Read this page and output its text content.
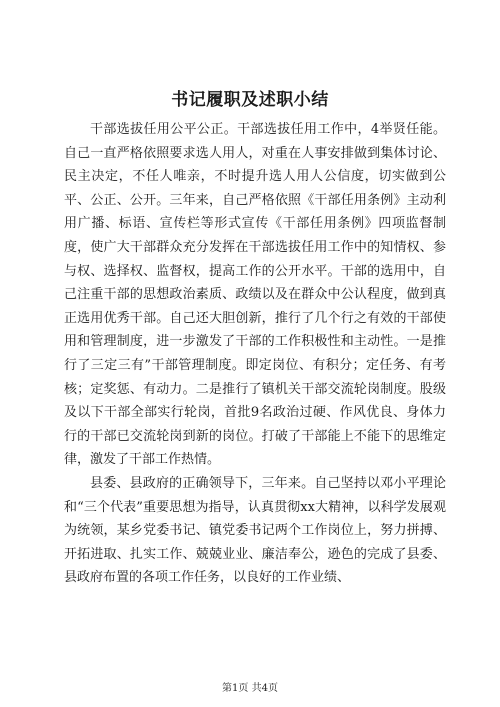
书记履职及述职小结

干部选拔任用公平公正。干部选拔任用工作中，4举贤任能。自己一直严格依照要求选人用人，对重在人事安排做到集体讨论、民主决定，不任人唯亲，不时提升选人用人公信度，切实做到公平、公正、公开。三年来，自己严格依照《干部任用条例》主动利用广播、标语、宣传栏等形式宣传《干部任用条例》四项监督制度，使广大干部群众充分发挥在干部选拔任用工作中的知情权、参与权、选择权、监督权，提高工作的公开水平。干部的选用中，自己注重干部的思想政治素质、政绩以及在群众中公认程度，做到真正选用优秀干部。自己还大胆创新，推行了几个行之有效的干部使用和管理制度，进一步激发了干部的工作积极性和主动性。一是推行了三定三有”干部管理制度。即定岗位、有积分；定任务、有考核；定奖惩、有动力。二是推行了镇机关干部交流轮岗制度。股级及以下干部全部实行轮岗，首批9名政治过硬、作风优良、身体力行的干部已交流轮岗到新的岗位。打破了干部能上不能下的思维定律，激发了干部工作热情。

县委、县政府的正确领导下，三年来。自己坚持以邓小平理论和“三个代表”重要思想为指导，认真贯彻xx大精神，以科学发展观为统领，某乡党委书记、镇党委书记两个工作岗位上，努力拼搏、开拓进取、扎实工作、兢兢业业、廉洁奉公，逊色的完成了县委、县政府布置的各项工作任务，以良好的工作业绩、

第1页 共4页
